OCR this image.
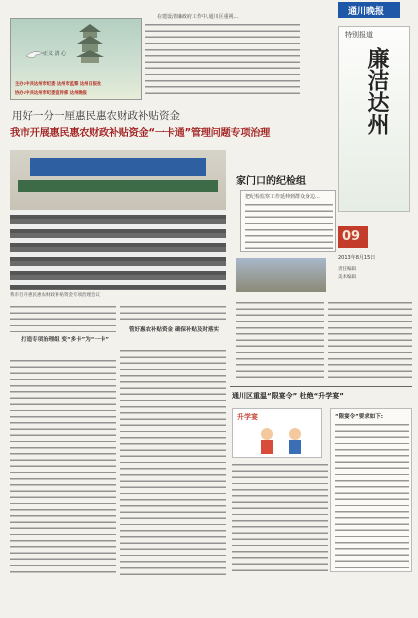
正义 清 心
主办:中共达州市纪委 达州市监察 达州日报社
协办:中共达州市纪委宣传部 达州晚报
在建设清廉政府工作中,通川区重视...	通川晚报
特别报道
廉洁达州
09
2013年8月15日
责任编辑
美术编辑
用好一分一厘惠民惠农财政补贴资金
我市开展惠民惠农财政补贴资金“一卡通”管理问题专项治理
我市召开惠民惠农财政补贴资金专项治理会议
家门口的纪检组
把纪检监察工作延伸到群众身边...
打造专项治理组 变“多卡”为“一卡”
管好惠农补贴资金 确保补贴及时落实
通川区重温“限宴令” 杜绝“升学宴”
升学宴	“限宴令”要求如下:
